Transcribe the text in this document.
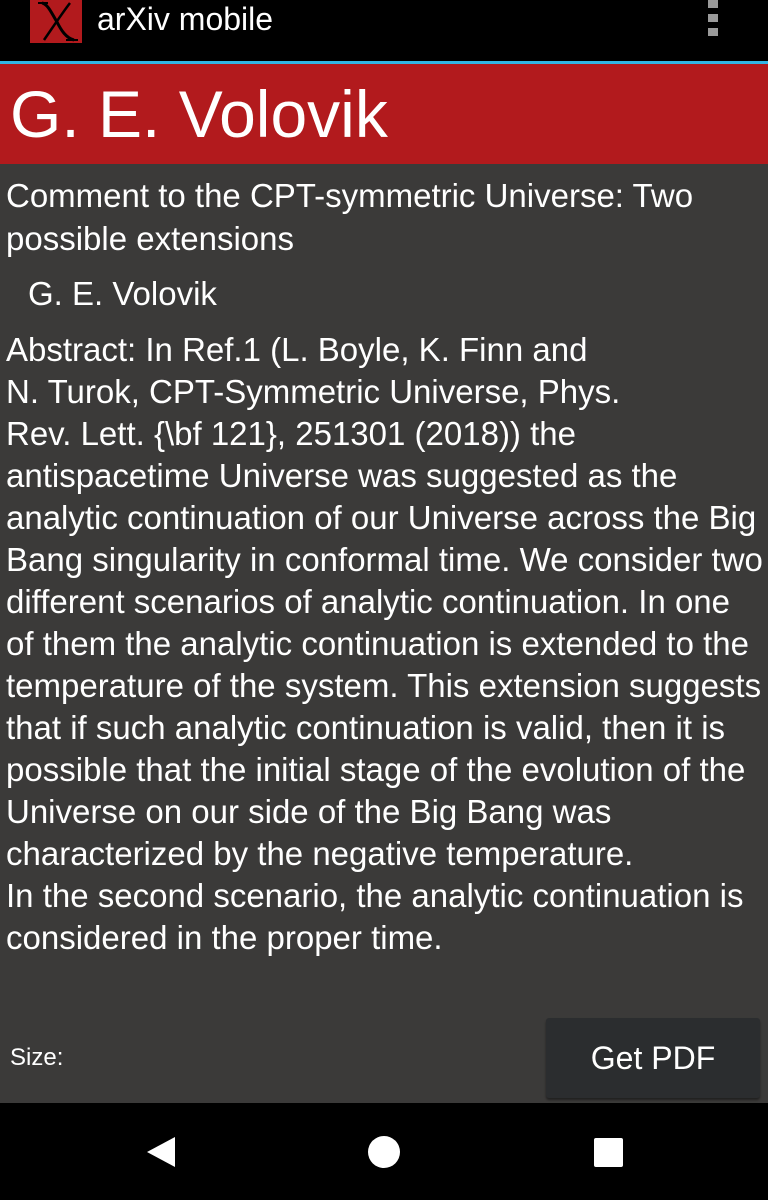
arXiv mobile
G. E. Volovik
Comment to the CPT-symmetric Universe: Two possible extensions
G. E. Volovik
Abstract: In Ref.1 (L. Boyle, K. Finn and
N. Turok, CPT-Symmetric Universe, Phys.
Rev. Lett. {\bf 121}, 251301 (2018)) the antispacetime Universe was suggested as the analytic continuation of our Universe across the Big Bang singularity in conformal time. We consider two different scenarios of analytic continuation. In one of them the analytic continuation is extended to the temperature of the system. This extension suggests that if such analytic continuation is valid, then it is possible that the initial stage of the evolution of the Universe on our side of the Big Bang was characterized by the negative temperature.
In the second scenario, the analytic continuation is considered in the proper time.
Size:	Get PDF
